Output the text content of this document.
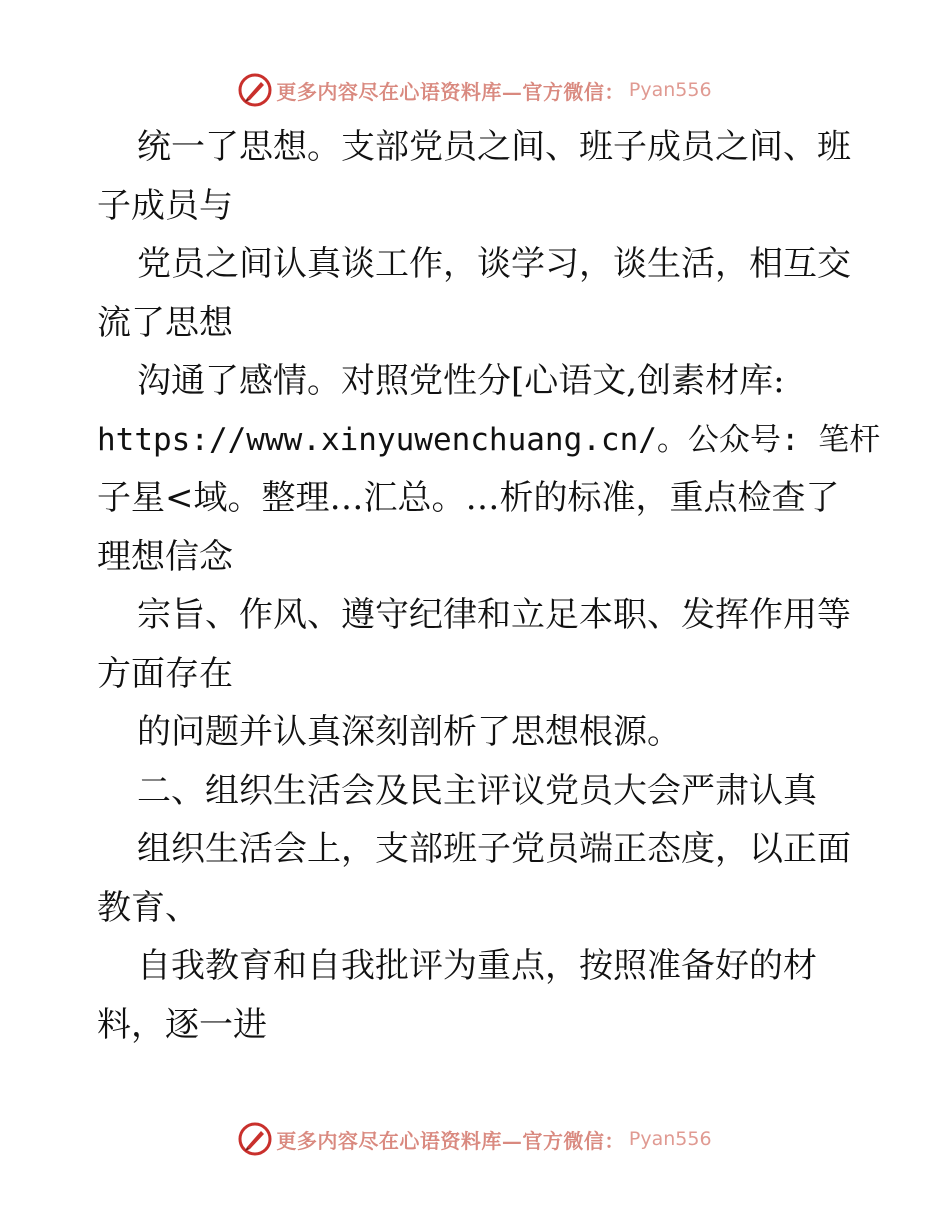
更多内容尽在心语资料库—官方微信： Pyan556
统一了思想。支部党员之间、班子成员之间、班
子成员与
党员之间认真谈工作，谈学习，谈生活，相互交
流了思想
沟通了感情。对照党性分[心语文,创素材库:
https://www.xinyuwenchuang.cn/。公众号: 笔杆
子星<域。整理…汇总。…析的标准，重点检查了
理想信念
宗旨、作风、遵守纪律和立足本职、发挥作用等
方面存在
的问题并认真深刻剖析了思想根源。
二、组织生活会及民主评议党员大会严肃认真
组织生活会上，支部班子党员端正态度，以正面
教育、
自我教育和自我批评为重点，按照准备好的材
料，逐一进
更多内容尽在心语资料库—官方微信： Pyan556
